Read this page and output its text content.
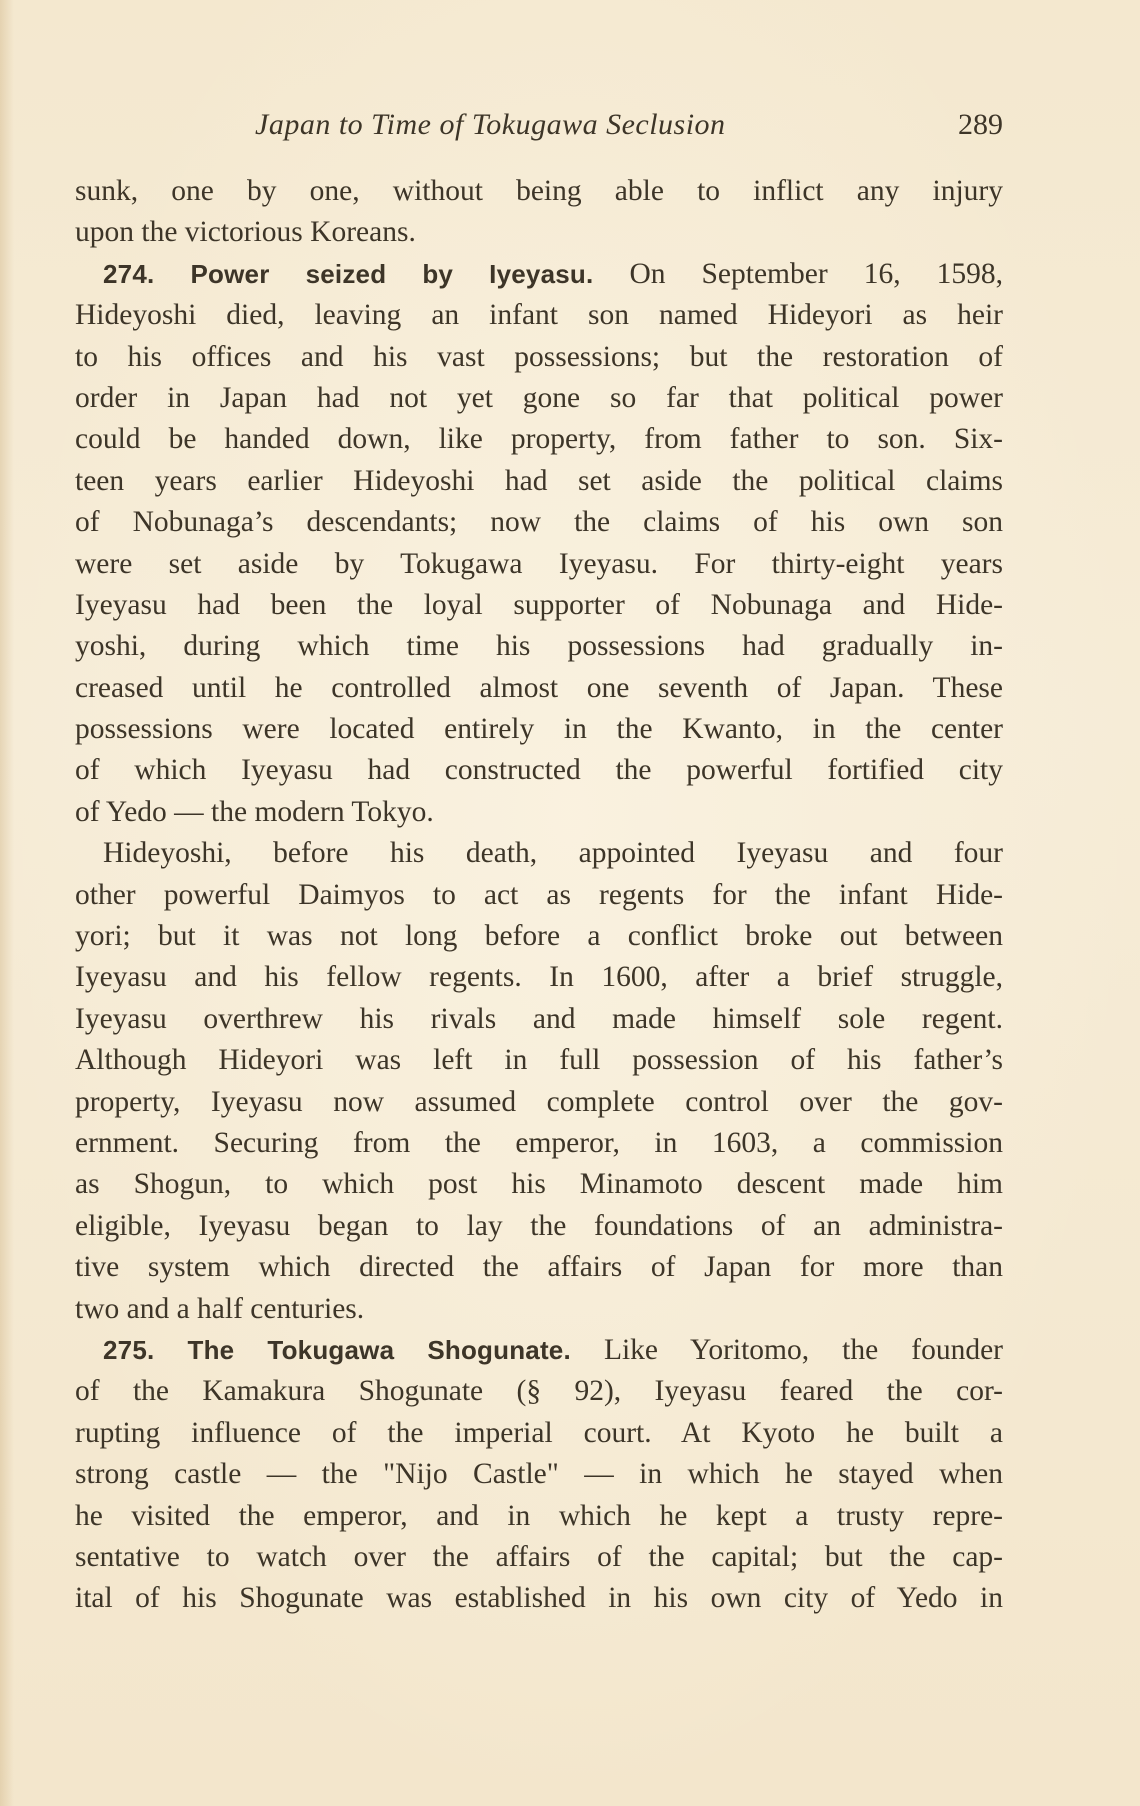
Japan to Time of Tokugawa Seclusion	289
sunk, one by one, without being able to inflict any injury
upon the victorious Koreans.
274. Power seized by Iyeyasu. On September 16, 1598,
Hideyoshi died, leaving an infant son named Hideyori as heir
to his offices and his vast possessions; but the restoration of
order in Japan had not yet gone so far that political power
could be handed down, like property, from father to son. Six-
teen years earlier Hideyoshi had set aside the political claims
of Nobunaga’s descendants; now the claims of his own son
were set aside by Tokugawa Iyeyasu. For thirty-eight years
Iyeyasu had been the loyal supporter of Nobunaga and Hide-
yoshi, during which time his possessions had gradually in-
creased until he controlled almost one seventh of Japan. These
possessions were located entirely in the Kwanto, in the center
of which Iyeyasu had constructed the powerful fortified city
of Yedo — the modern Tokyo.
Hideyoshi, before his death, appointed Iyeyasu and four
other powerful Daimyos to act as regents for the infant Hide-
yori; but it was not long before a conflict broke out between
Iyeyasu and his fellow regents. In 1600, after a brief struggle,
Iyeyasu overthrew his rivals and made himself sole regent.
Although Hideyori was left in full possession of his father’s
property, Iyeyasu now assumed complete control over the gov-
ernment. Securing from the emperor, in 1603, a commission
as Shogun, to which post his Minamoto descent made him
eligible, Iyeyasu began to lay the foundations of an administra-
tive system which directed the affairs of Japan for more than
two and a half centuries.
275. The Tokugawa Shogunate. Like Yoritomo, the founder
of the Kamakura Shogunate (§ 92), Iyeyasu feared the cor-
rupting influence of the imperial court. At Kyoto he built a
strong castle — the "Nijo Castle" — in which he stayed when
he visited the emperor, and in which he kept a trusty repre-
sentative to watch over the affairs of the capital; but the cap-
ital of his Shogunate was established in his own city of Yedo in
